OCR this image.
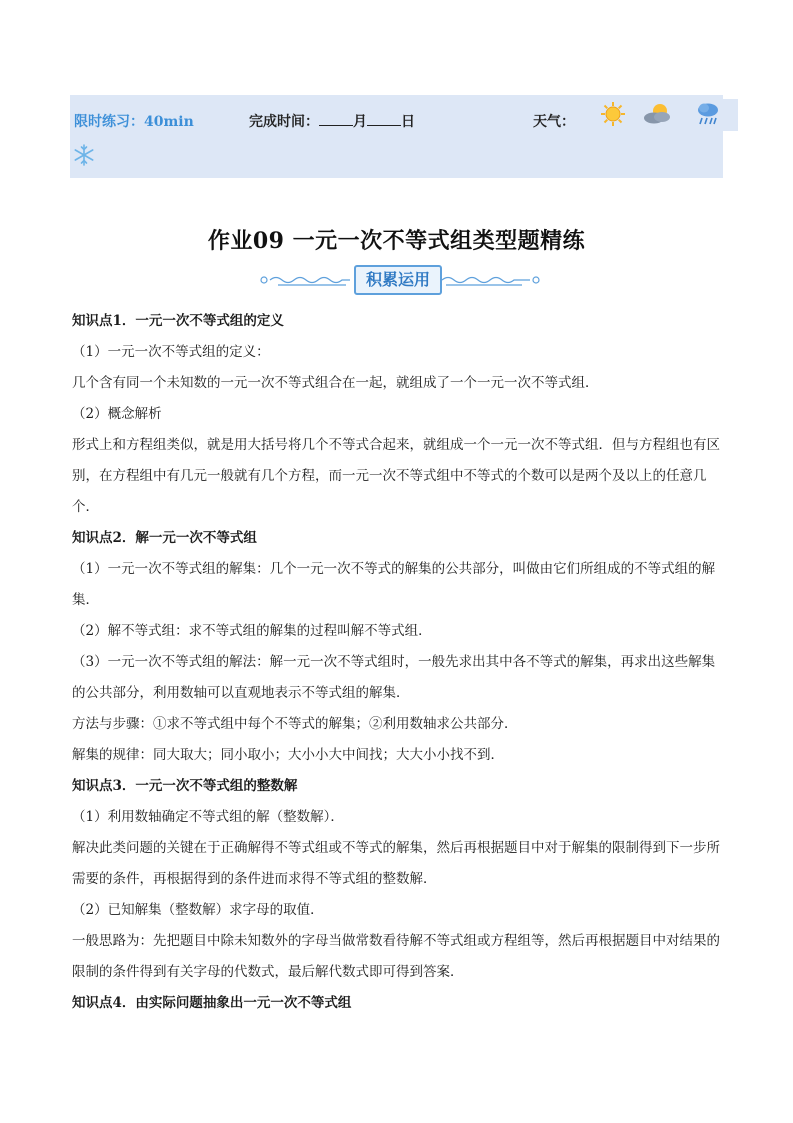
限时练习：40min	完成时间： 月 日	天气：
作业09 一元一次不等式组类型题精练
积累运用

知识点1．一元一次不等式组的定义

（1）一元一次不等式组的定义：

几个含有同一个未知数的一元一次不等式组合在一起，就组成了一个一元一次不等式组．

（2）概念解析

形式上和方程组类似，就是用大括号将几个不等式合起来，就组成一个一元一次不等式组．但与方程组也有区别，在方程组中有几元一般就有几个方程，而一元一次不等式组中不等式的个数可以是两个及以上的任意几个．

知识点2．解一元一次不等式组

（1）一元一次不等式组的解集：几个一元一次不等式的解集的公共部分，叫做由它们所组成的不等式组的解集．

（2）解不等式组：求不等式组的解集的过程叫解不等式组．

（3）一元一次不等式组的解法：解一元一次不等式组时，一般先求出其中各不等式的解集，再求出这些解集的公共部分，利用数轴可以直观地表示不等式组的解集．

方法与步骤：①求不等式组中每个不等式的解集；②利用数轴求公共部分．

解集的规律：同大取大；同小取小；大小小大中间找；大大小小找不到．

知识点3．一元一次不等式组的整数解

（1）利用数轴确定不等式组的解（整数解）．

解决此类问题的关键在于正确解得不等式组或不等式的解集，然后再根据题目中对于解集的限制得到下一步所需要的条件，再根据得到的条件进而求得不等式组的整数解．

（2）已知解集（整数解）求字母的取值．

一般思路为：先把题目中除未知数外的字母当做常数看待解不等式组或方程组等，然后再根据题目中对结果的限制的条件得到有关字母的代数式，最后解代数式即可得到答案．

知识点4．由实际问题抽象出一元一次不等式组
